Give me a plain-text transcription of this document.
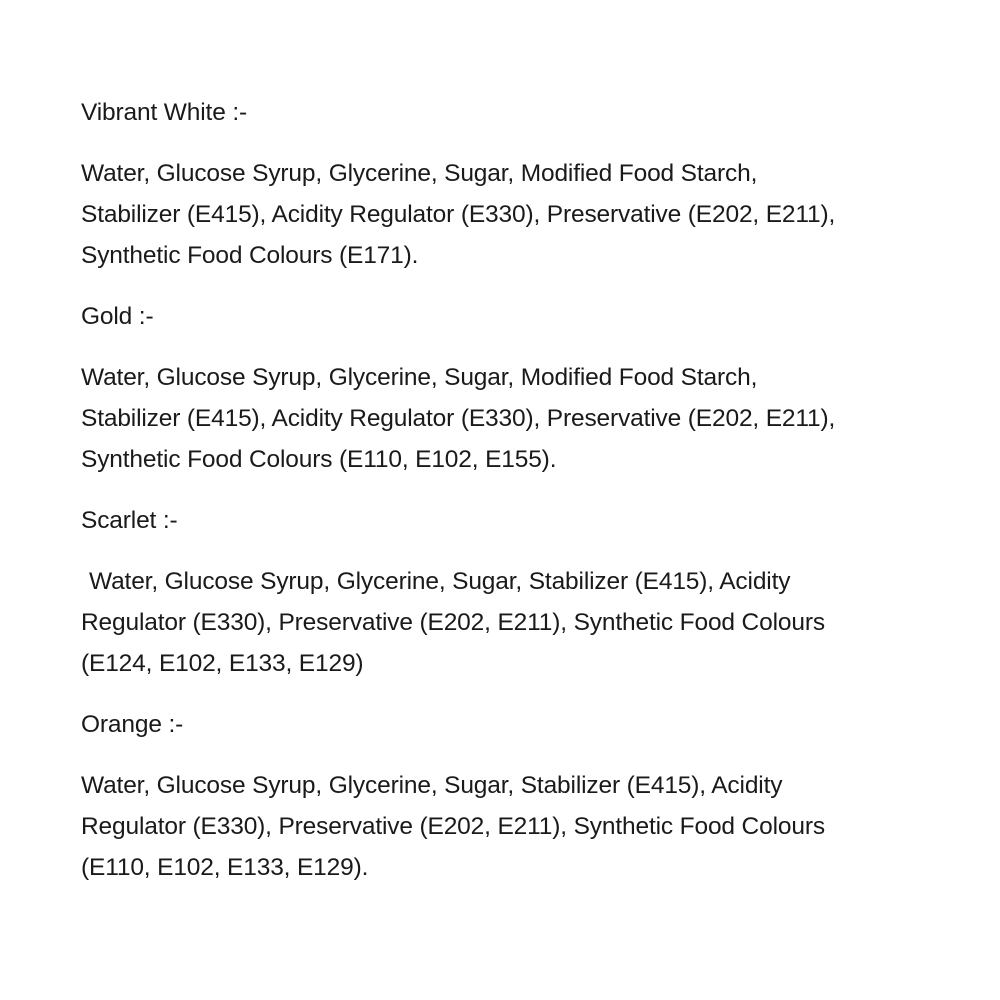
Vibrant White :-
Water, Glucose Syrup, Glycerine, Sugar, Modified Food Starch,
Stabilizer (E415), Acidity Regulator (E330), Preservative (E202, E211),
Synthetic Food Colours (E171).
Gold :-
Water, Glucose Syrup, Glycerine, Sugar, Modified Food Starch,
Stabilizer (E415), Acidity Regulator (E330), Preservative (E202, E211),
Synthetic Food Colours (E110, E102, E155).
Scarlet :-
Water, Glucose Syrup, Glycerine, Sugar, Stabilizer (E415), Acidity
Regulator (E330), Preservative (E202, E211), Synthetic Food Colours
(E124, E102, E133, E129)
Orange :-
Water, Glucose Syrup, Glycerine, Sugar, Stabilizer (E415), Acidity
Regulator (E330), Preservative (E202, E211), Synthetic Food Colours
(E110, E102, E133, E129).
